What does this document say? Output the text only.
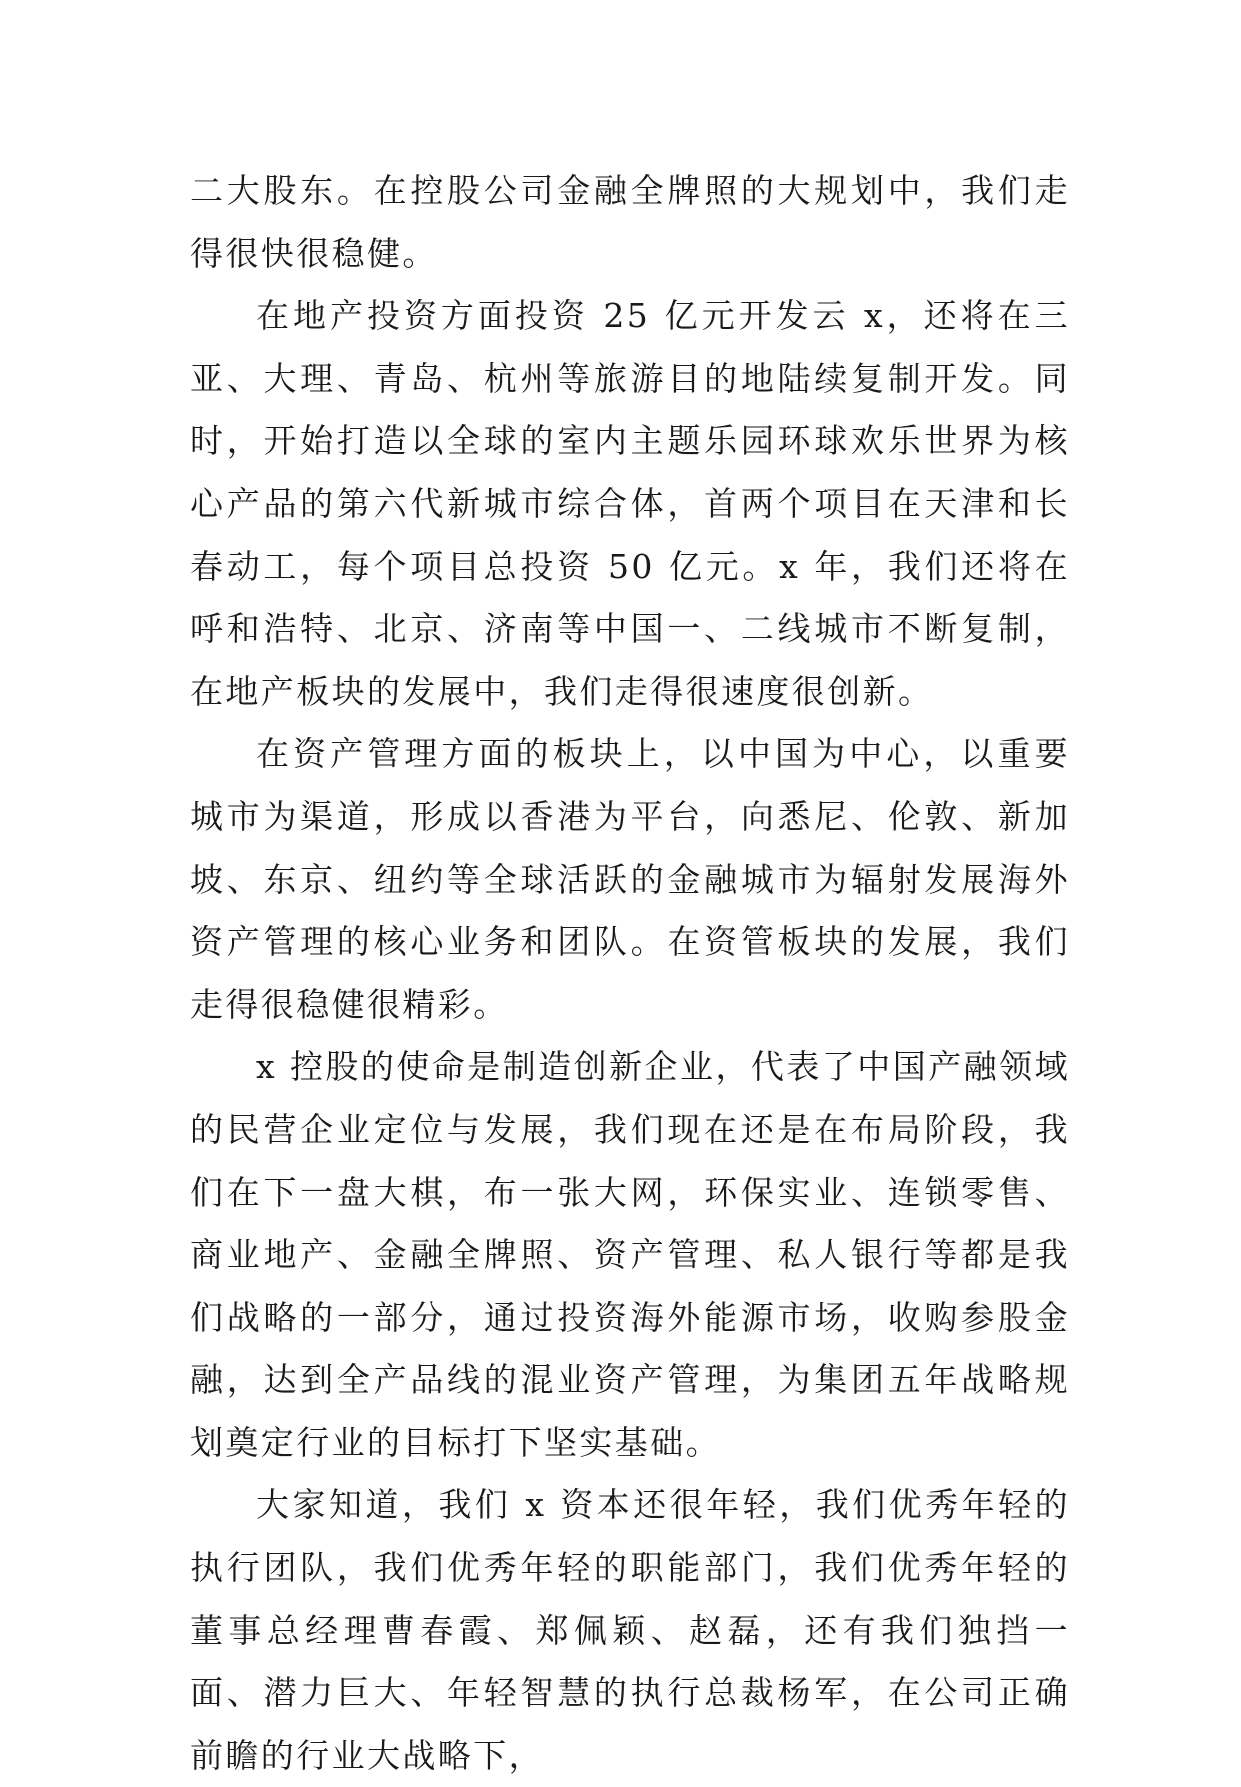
二大股东。在控股公司金融全牌照的大规划中，我们走得很快很稳健。

在地产投资方面投资 25 亿元开发云 x，还将在三亚、大理、青岛、杭州等旅游目的地陆续复制开发。同时，开始打造以全球的室内主题乐园环球欢乐世界为核心产品的第六代新城市综合体，首两个项目在天津和长春动工，每个项目总投资 50 亿元。x 年，我们还将在呼和浩特、北京、济南等中国一、二线城市不断复制，在地产板块的发展中，我们走得很速度很创新。

在资产管理方面的板块上，以中国为中心，以重要城市为渠道，形成以香港为平台，向悉尼、伦敦、新加坡、东京、纽约等全球活跃的金融城市为辐射发展海外资产管理的核心业务和团队。在资管板块的发展，我们走得很稳健很精彩。

x 控股的使命是制造创新企业，代表了中国产融领域的民营企业定位与发展，我们现在还是在布局阶段，我们在下一盘大棋，布一张大网，环保实业、连锁零售、商业地产、金融全牌照、资产管理、私人银行等都是我们战略的一部分，通过投资海外能源市场，收购参股金融，达到全产品线的混业资产管理，为集团五年战略规划奠定行业的目标打下坚实基础。

大家知道，我们 x 资本还很年轻，我们优秀年轻的执行团队，我们优秀年轻的职能部门，我们优秀年轻的董事总经理曹春霞、郑佩颖、赵磊，还有我们独挡一面、潜力巨大、年轻智慧的执行总裁杨军，在公司正确前瞻的行业大战略下，
